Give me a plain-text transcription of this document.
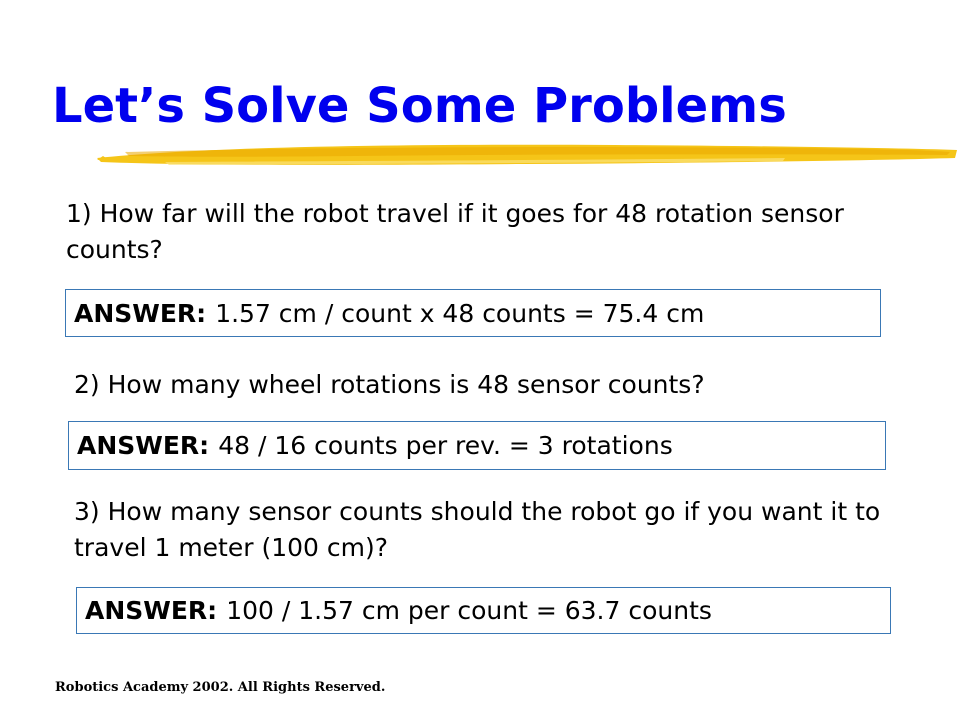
Let’s Solve Some Problems

1) How far will the robot travel if it goes for 48 rotation sensor counts?

ANSWER: 1.57 cm / count x 48 counts = 75.4 cm

2) How many wheel rotations is 48 sensor counts?

ANSWER: 48 / 16 counts per rev. = 3 rotations

3) How many sensor counts should the robot go if you want it to travel 1 meter (100 cm)?

ANSWER: 100 / 1.57 cm per count = 63.7 counts
Robotics Academy 2002. All Rights Reserved.
